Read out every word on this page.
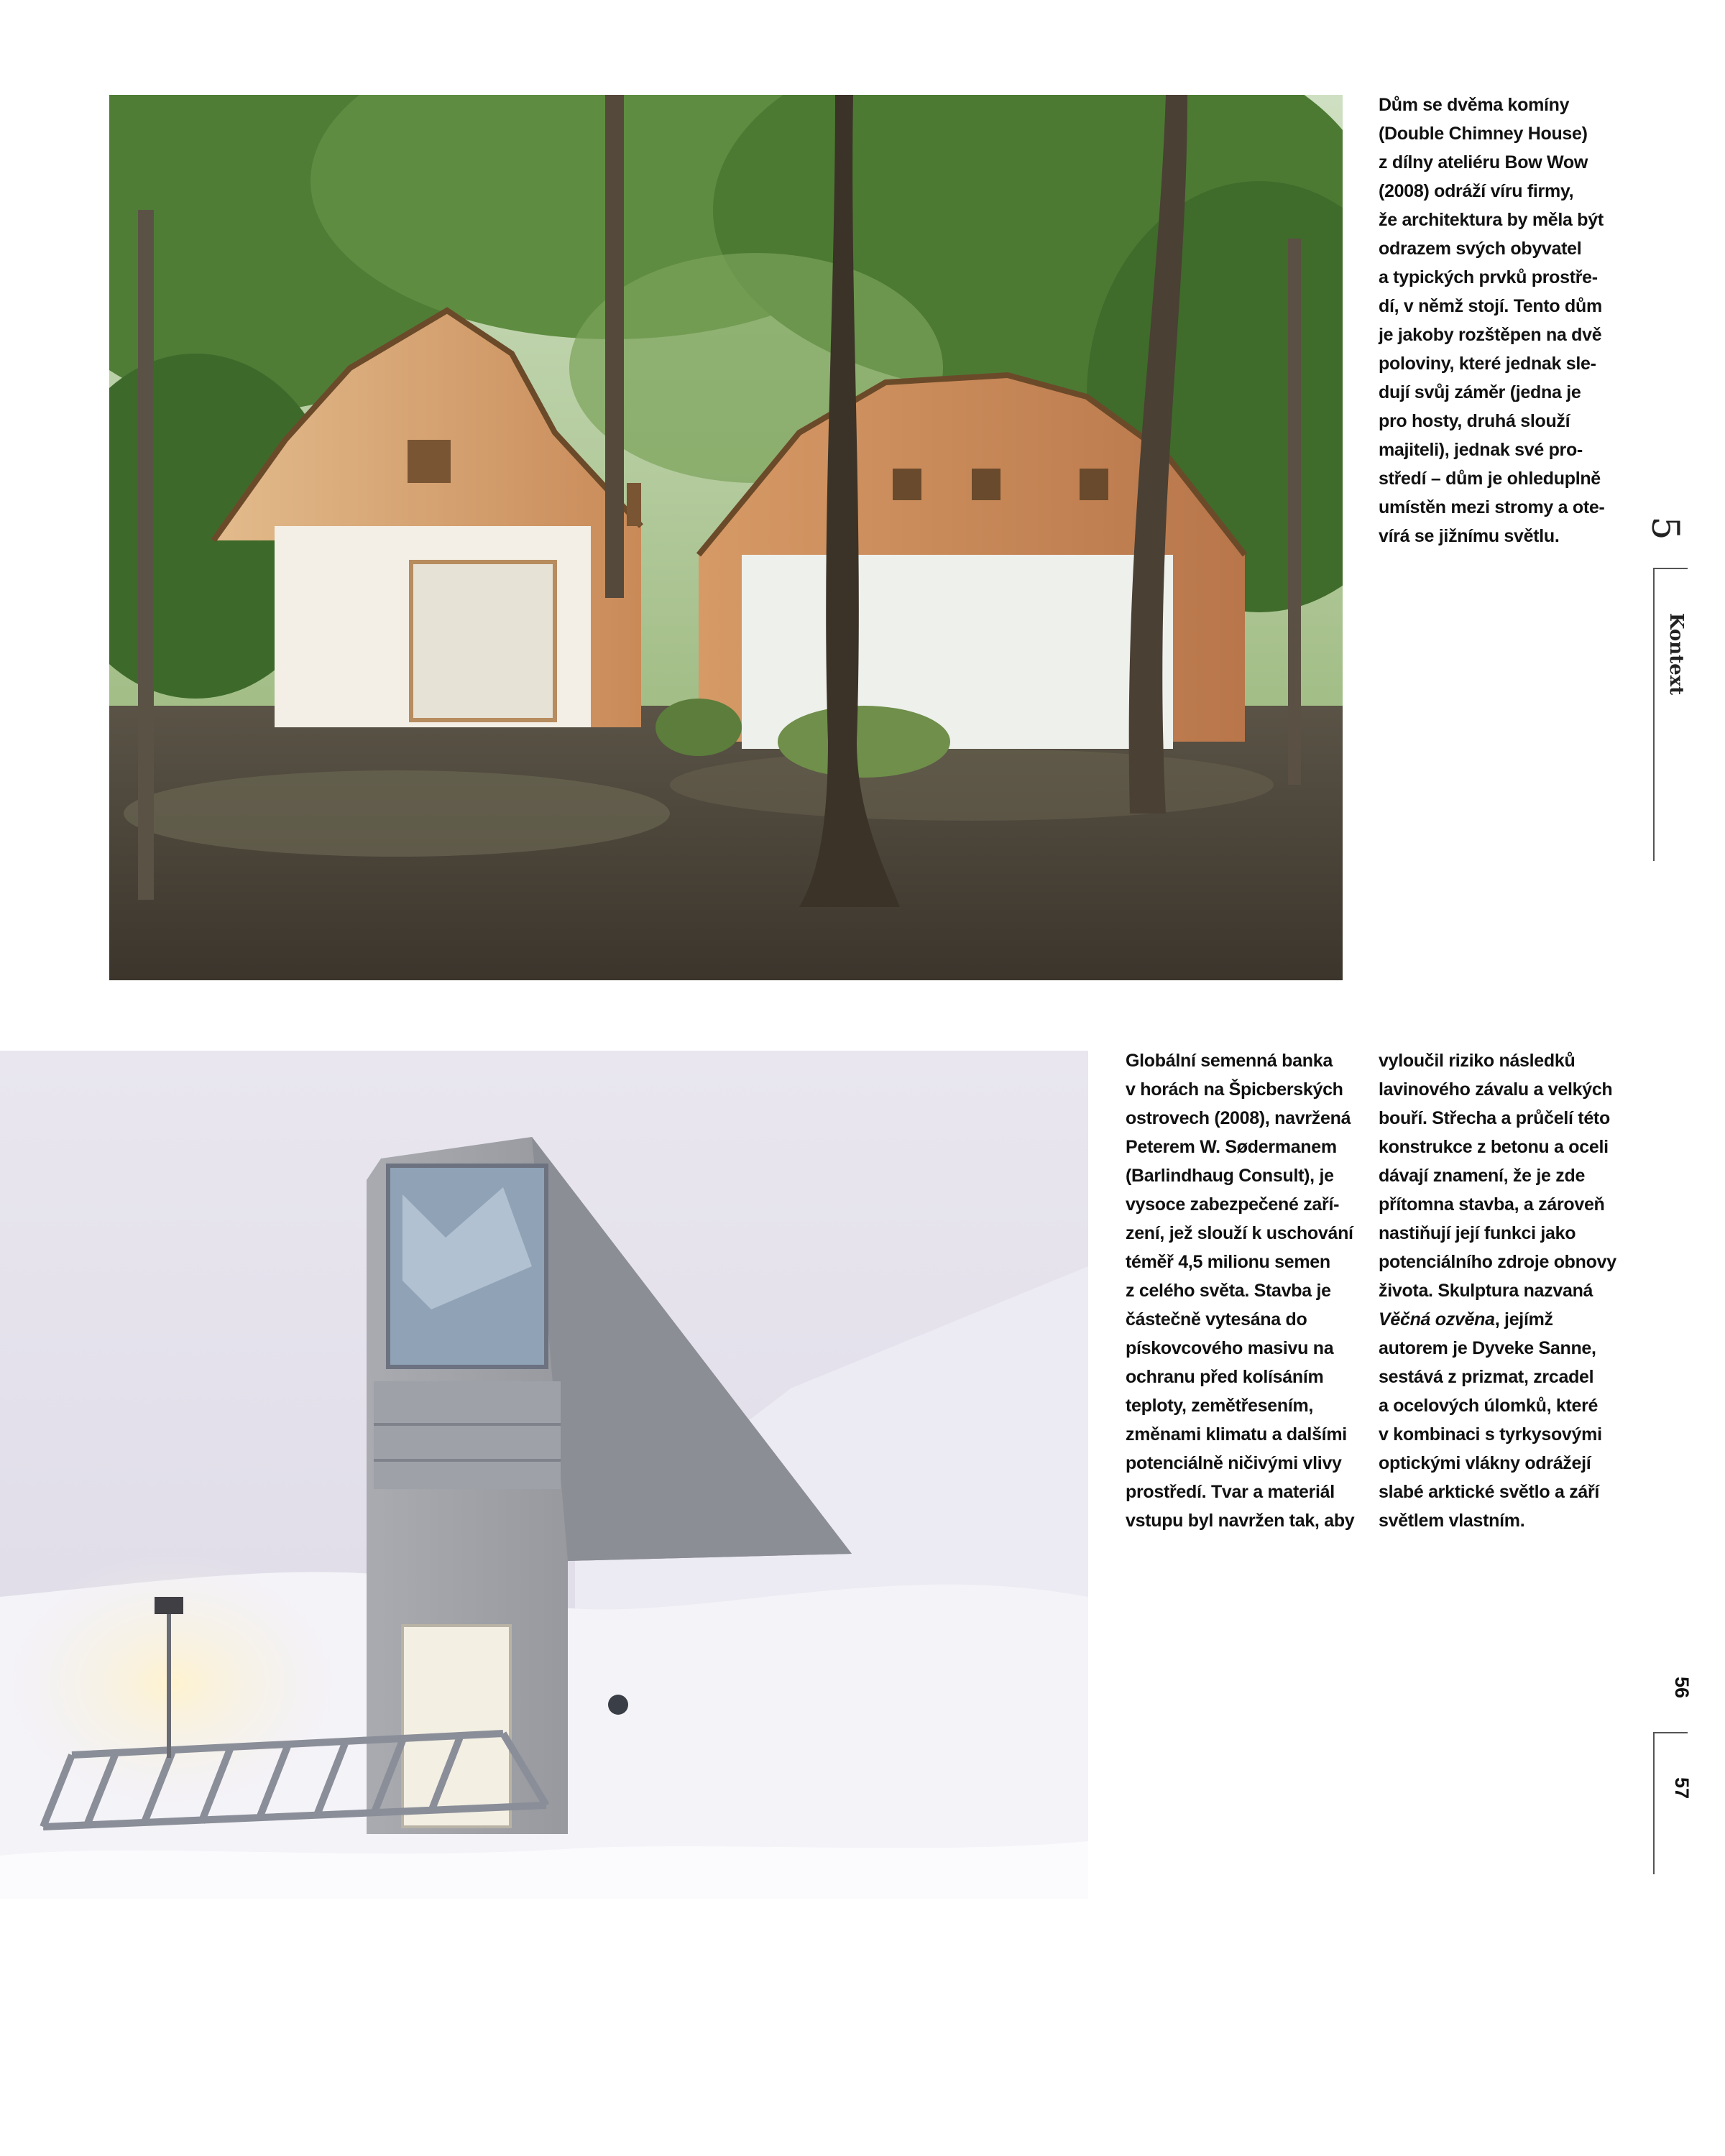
Dům se dvěma komíny
(Double Chimney House)
z dílny ateliéru Bow Wow
(2008) odráží víru firmy,
že architektura by měla být
odrazem svých obyvatel
a typických prvků prostře-
dí, v němž stojí. Tento dům
je jakoby rozštěpen na dvě
poloviny, které jednak sle-
dují svůj záměr (jedna je
pro hosty, druhá slouží
majiteli), jednak své pro-
středí – dům je ohleduplně
umístěn mezi stromy a ote-
vírá se jižnímu světlu.
Globální semenná banka
v horách na Špicberských
ostrovech (2008), navržená
Peterem W. Sødermanem
(Barlindhaug Consult), je
vysoce zabezpečené zaří-
zení, jež slouží k uschování
téměř 4,5 milionu semen
z celého světa. Stavba je
částečně vytesána do
pískovcového masivu na
ochranu před kolísáním
teploty, zemětřesením,
změnami klimatu a dalšími
potenciálně ničivými vlivy
prostředí. Tvar a materiál
vstupu byl navržen tak, aby
vyloučil riziko následků
lavinového závalu a velkých
bouří. Střecha a průčelí této
konstrukce z betonu a oceli
dávají znamení, že je zde
přítomna stavba, a zároveň
nastiňují její funkci jako
potenciálního zdroje obnovy
života. Skulptura nazvaná
Věčná ozvěna, jejímž
autorem je Dyveke Sanne,
sestává z prizmat, zrcadel
a ocelových úlomků, které
v kombinaci s tyrkysovými
optickými vlákny odrážejí
slabé arktické světlo a září
světlem vlastním.
5
Kontext
56
57
